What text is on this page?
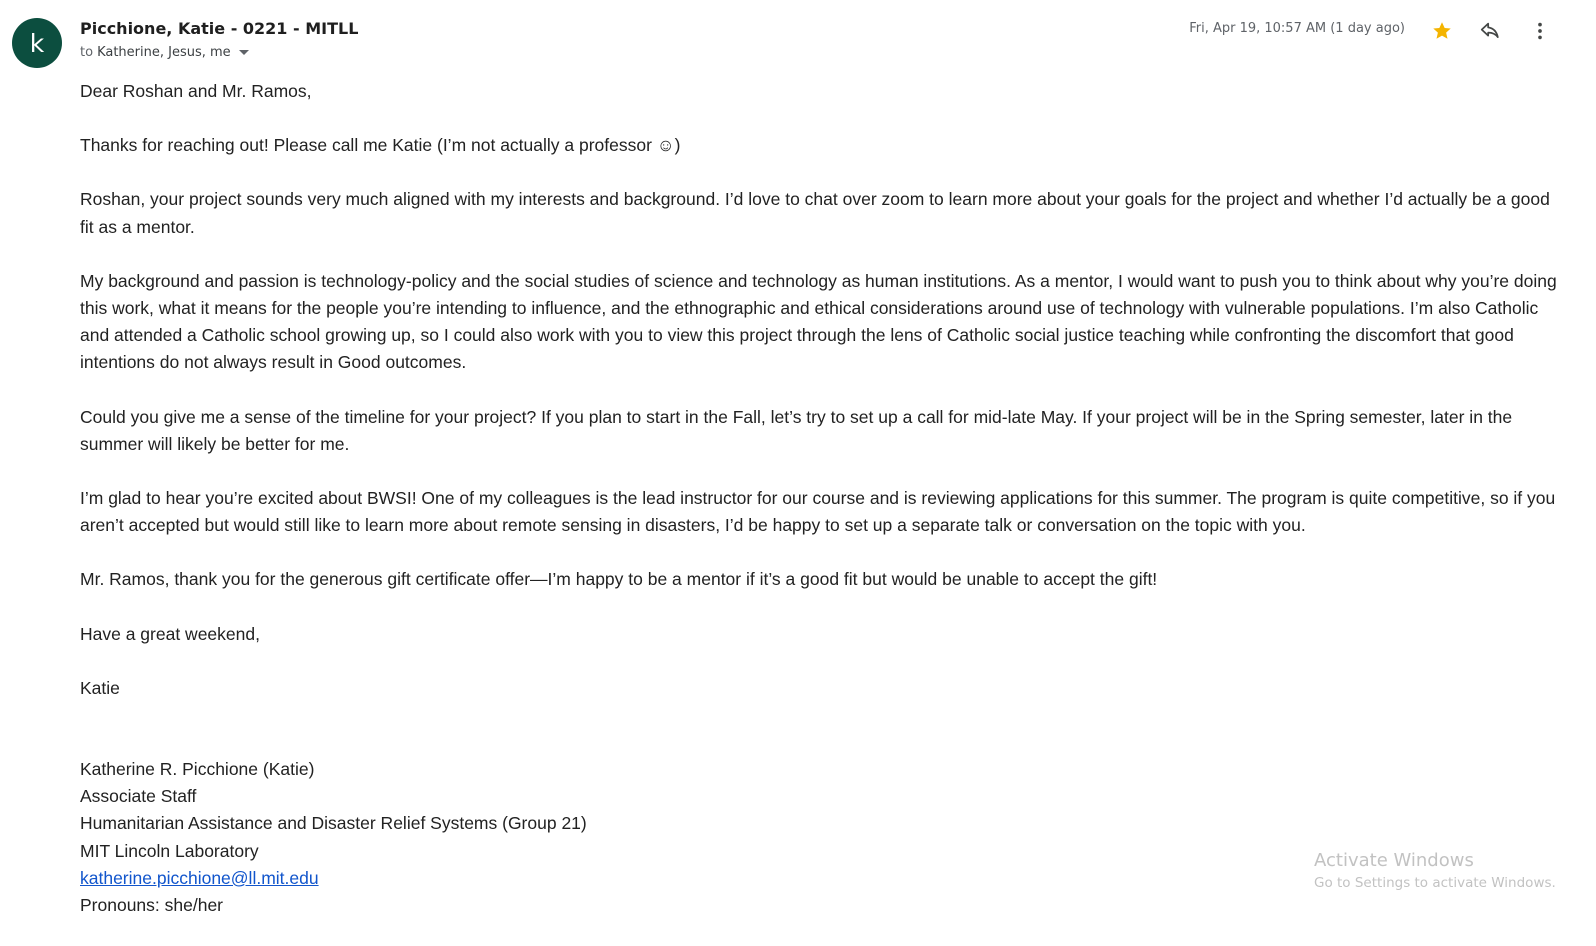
k Picchione, Katie - 0221 - MITLL
to Katherine, Jesus, me
Fri, Apr 19, 10:57 AM (1 day ago)
Dear Roshan and Mr. Ramos,
Thanks for reaching out! Please call me Katie (I’m not actually a professor ☺)
Roshan, your project sounds very much aligned with my interests and background. I’d love to chat over zoom to learn more about your goals for the project and whether I’d actually be a good fit as a mentor.
My background and passion is technology-policy and the social studies of science and technology as human institutions. As a mentor, I would want to push you to think about why you’re doing this work, what it means for the people you’re intending to influence, and the ethnographic and ethical considerations around use of technology with vulnerable populations. I’m also Catholic and attended a Catholic school growing up, so I could also work with you to view this project through the lens of Catholic social justice teaching while confronting the discomfort that good intentions do not always result in Good outcomes.
Could you give me a sense of the timeline for your project? If you plan to start in the Fall, let’s try to set up a call for mid-late May. If your project will be in the Spring semester, later in the summer will likely be better for me.
I’m glad to hear you’re excited about BWSI! One of my colleagues is the lead instructor for our course and is reviewing applications for this summer. The program is quite competitive, so if you aren’t accepted but would still like to learn more about remote sensing in disasters, I’d be happy to set up a separate talk or conversation on the topic with you.
Mr. Ramos, thank you for the generous gift certificate offer—I’m happy to be a mentor if it’s a good fit but would be unable to accept the gift!
Have a great weekend,
Katie
Katherine R. Picchione (Katie)
Associate Staff
Humanitarian Assistance and Disaster Relief Systems (Group 21)
MIT Lincoln Laboratory
katherine.picchione@ll.mit.edu
Pronouns: she/her
Activate Windows
Go to Settings to activate Windows.
